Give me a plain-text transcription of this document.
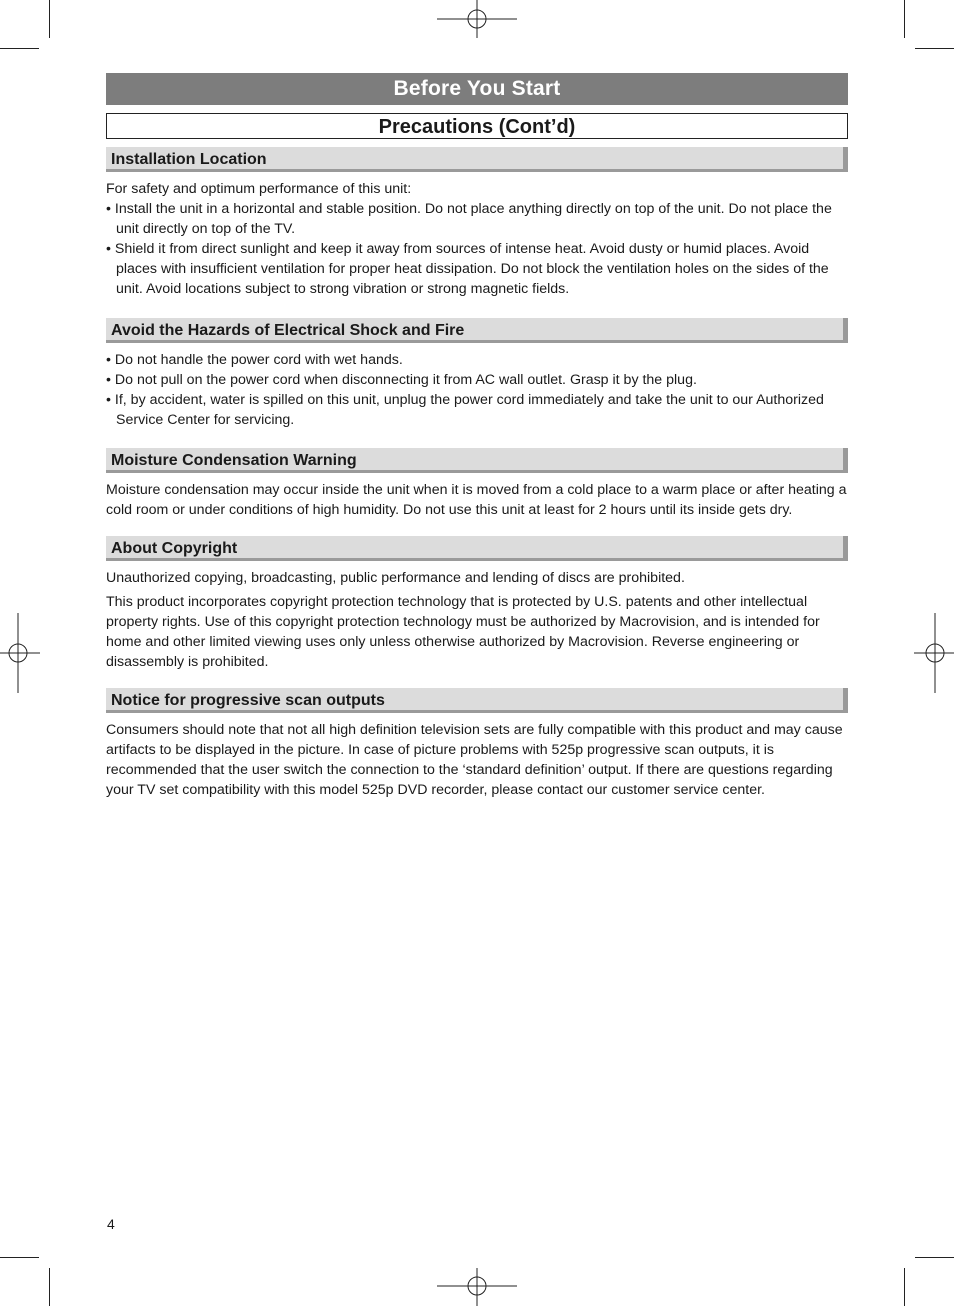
Before You Start
Precautions (Cont’d)
Installation Location

For safety and optimum performance of this unit:

• Install the unit in a horizontal and stable position. Do not place anything directly on top of the unit. Do not place the unit directly on top of the TV.

• Shield it from direct sunlight and keep it away from sources of intense heat. Avoid dusty or humid places. Avoid places with insufficient ventilation for proper heat dissipation. Do not block the ventilation holes on the sides of the unit. Avoid locations subject to strong vibration or strong magnetic fields.

Avoid the Hazards of Electrical Shock and Fire

• Do not handle the power cord with wet hands.

• Do not pull on the power cord when disconnecting it from AC wall outlet. Grasp it by the plug.

• If, by accident, water is spilled on this unit, unplug the power cord immediately and take the unit to our Authorized Service Center for servicing.

Moisture Condensation Warning

Moisture condensation may occur inside the unit when it is moved from a cold place to a warm place or after heating a cold room or under conditions of high humidity. Do not use this unit at least for 2 hours until its inside gets dry.

About Copyright

Unauthorized copying, broadcasting, public performance and lending of discs are prohibited.

This product incorporates copyright protection technology that is protected by U.S. patents and other intellectual property rights. Use of this copyright protection technology must be authorized by Macrovision, and is intended for home and other limited viewing uses only unless otherwise authorized by Macrovision. Reverse engineering or disassembly is prohibited.

Notice for progressive scan outputs

Consumers should note that not all high definition television sets are fully compatible with this product and may cause artifacts to be displayed in the picture. In case of picture problems with 525p progressive scan outputs, it is recommended that the user switch the connection to the ‘standard definition’ output. If there are questions regarding your TV set compatibility with this model 525p DVD recorder, please contact our customer service center.

4
